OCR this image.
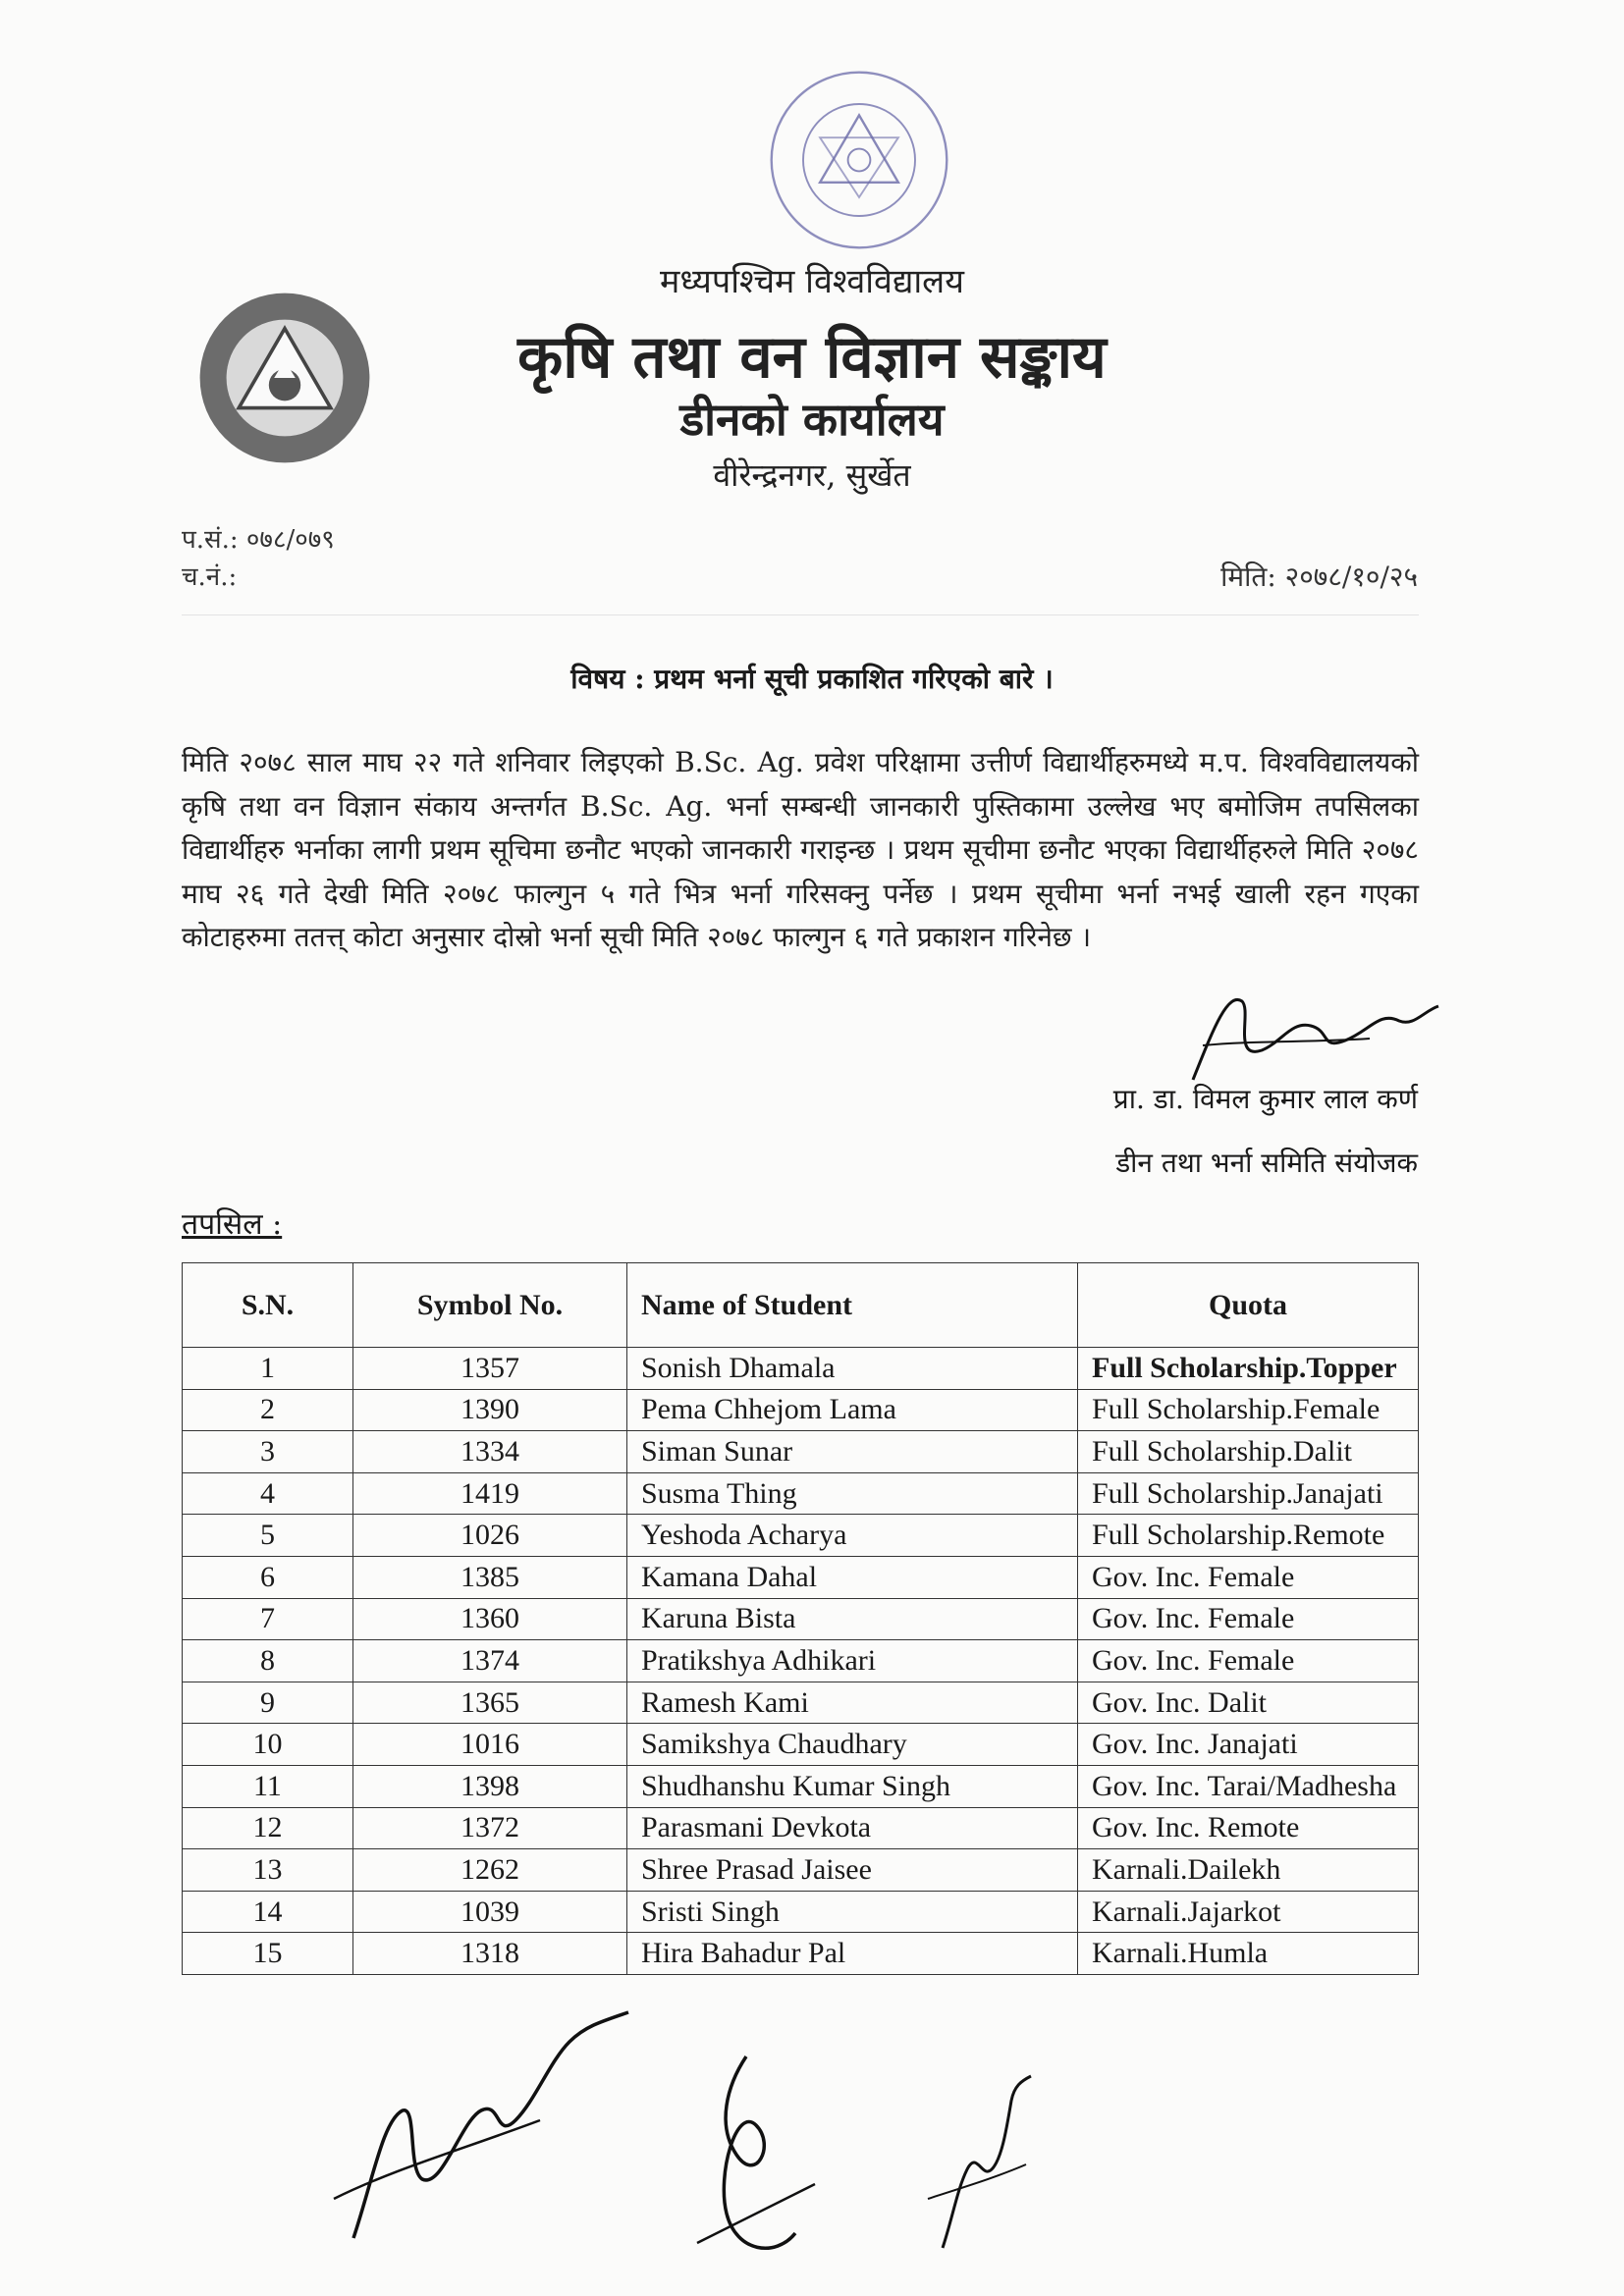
मध्यपश्चिम विश्वविद्यालय
कृषि तथा वन विज्ञान सङ्काय
डीनको कार्यालय
वीरेन्द्रनगर, सुर्खेत
प.सं.: ०७८/०७९
च.नं.:	मिति: २०७८/१०/२५
विषय : प्रथम भर्ना सूची प्रकाशित गरिएको बारे ।
मिति २०७८ साल माघ २२ गते शनिवार लिइएको B.Sc. Ag. प्रवेश परिक्षामा उत्तीर्ण विद्यार्थीहरुमध्ये म.प. विश्वविद्यालयको कृषि तथा वन विज्ञान संकाय अन्तर्गत B.Sc. Ag. भर्ना सम्बन्धी जानकारी पुस्तिकामा उल्लेख भए बमोजिम तपसिलका विद्यार्थीहरु भर्नाका लागी प्रथम सूचिमा छनौट भएको जानकारी गराइन्छ । प्रथम सूचीमा छनौट भएका विद्यार्थीहरुले मिति २०७८ माघ २६ गते देखी मिति २०७८ फाल्गुन ५ गते भित्र भर्ना गरिसक्नु पर्नेछ । प्रथम सूचीमा भर्ना नभई खाली रहन गएका कोटाहरुमा ततत्त् कोटा अनुसार दोस्रो भर्ना सूची मिति २०७८ फाल्गुन ६ गते प्रकाशन गरिनेछ ।
प्रा. डा. विमल कुमार लाल कर्ण
डीन तथा भर्ना समिति संयोजक
तपसिल :
S.N.	Symbol No.	Name of Student	Quota
1	1357	Sonish Dhamala	Full Scholarship.Topper
2	1390	Pema Chhejom Lama	Full Scholarship.Female
3	1334	Siman Sunar	Full Scholarship.Dalit
4	1419	Susma Thing	Full Scholarship.Janajati
5	1026	Yeshoda Acharya	Full Scholarship.Remote
6	1385	Kamana Dahal	Gov. Inc. Female
7	1360	Karuna Bista	Gov. Inc. Female
8	1374	Pratikshya Adhikari	Gov. Inc. Female
9	1365	Ramesh Kami	Gov. Inc. Dalit
10	1016	Samikshya Chaudhary	Gov. Inc. Janajati
11	1398	Shudhanshu Kumar Singh	Gov. Inc. Tarai/Madhesha
12	1372	Parasmani Devkota	Gov. Inc. Remote
13	1262	Shree Prasad Jaisee	Karnali.Dailekh
14	1039	Sristi Singh	Karnali.Jajarkot
15	1318	Hira Bahadur Pal	Karnali.Humla
